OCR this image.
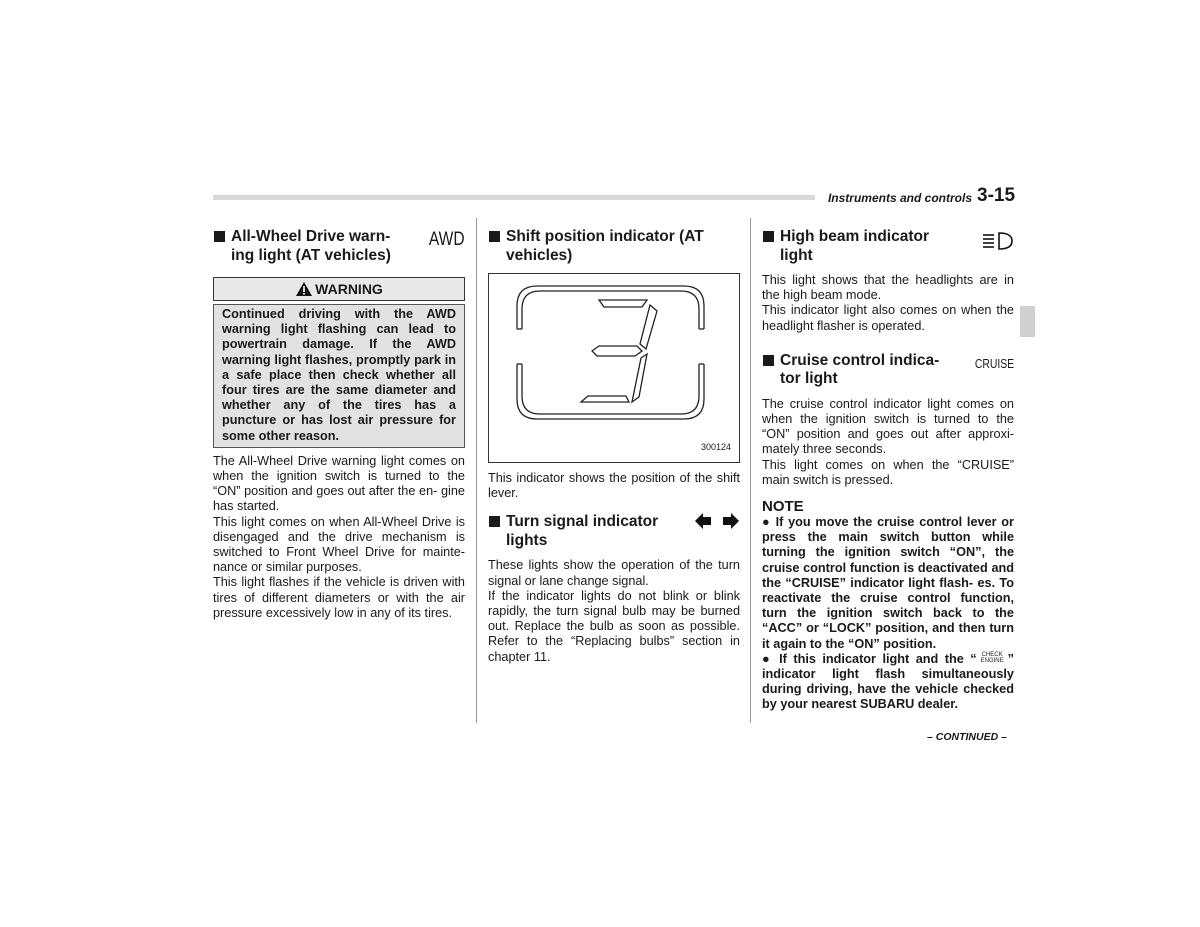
Instruments and controls 3-15
All-Wheel Drive warn- ing light (AT vehicles)
AWD
WARNING

Continued driving with the AWD warning light flashing can lead to powertrain damage. If the AWD warning light flashes, promptly park in a safe place then check whether all four tires are the same diameter and whether any of the tires has a puncture or has lost air pressure for some other reason.

The All-Wheel Drive warning light comes on when the ignition switch is turned to the “ON” position and goes out after the en- gine has started.

This light comes on when All-Wheel Drive is disengaged and the drive mechanism is switched to Front Wheel Drive for mainte- nance or similar purposes.

This light flashes if the vehicle is driven with tires of different diameters or with the air pressure excessively low in any of its tires.

Shift position indicator (AT vehicles)
300124

This indicator shows the position of the shift lever.

Turn signal indicator lights

These lights show the operation of the turn signal or lane change signal.

If the indicator lights do not blink or blink rapidly, the turn signal bulb may be burned out. Replace the bulb as soon as possible. Refer to the “Replacing bulbs” section in chapter 11.

High beam indicator light

This light shows that the headlights are in the high beam mode.

This indicator light also comes on when the headlight flasher is operated.

Cruise control indica- tor light
CRUISE

The cruise control indicator light comes on when the ignition switch is turned to the “ON” position and goes out after approxi- mately three seconds.

This light comes on when the “CRUISE” main switch is pressed.

NOTE

● If you move the cruise control lever or press the main switch button while turning the ignition switch “ON”, the cruise control function is deactivated and the “CRUISE” indicator light flash- es. To reactivate the cruise control function, turn the ignition switch back to the “ACC” or “LOCK” position, and then turn it again to the “ON” position.

● If this indicator light and the “ CHECK
ENGINE ” indicator light flash simultaneously during driving, have the vehicle checked by your nearest SUBARU dealer.

– CONTINUED –
